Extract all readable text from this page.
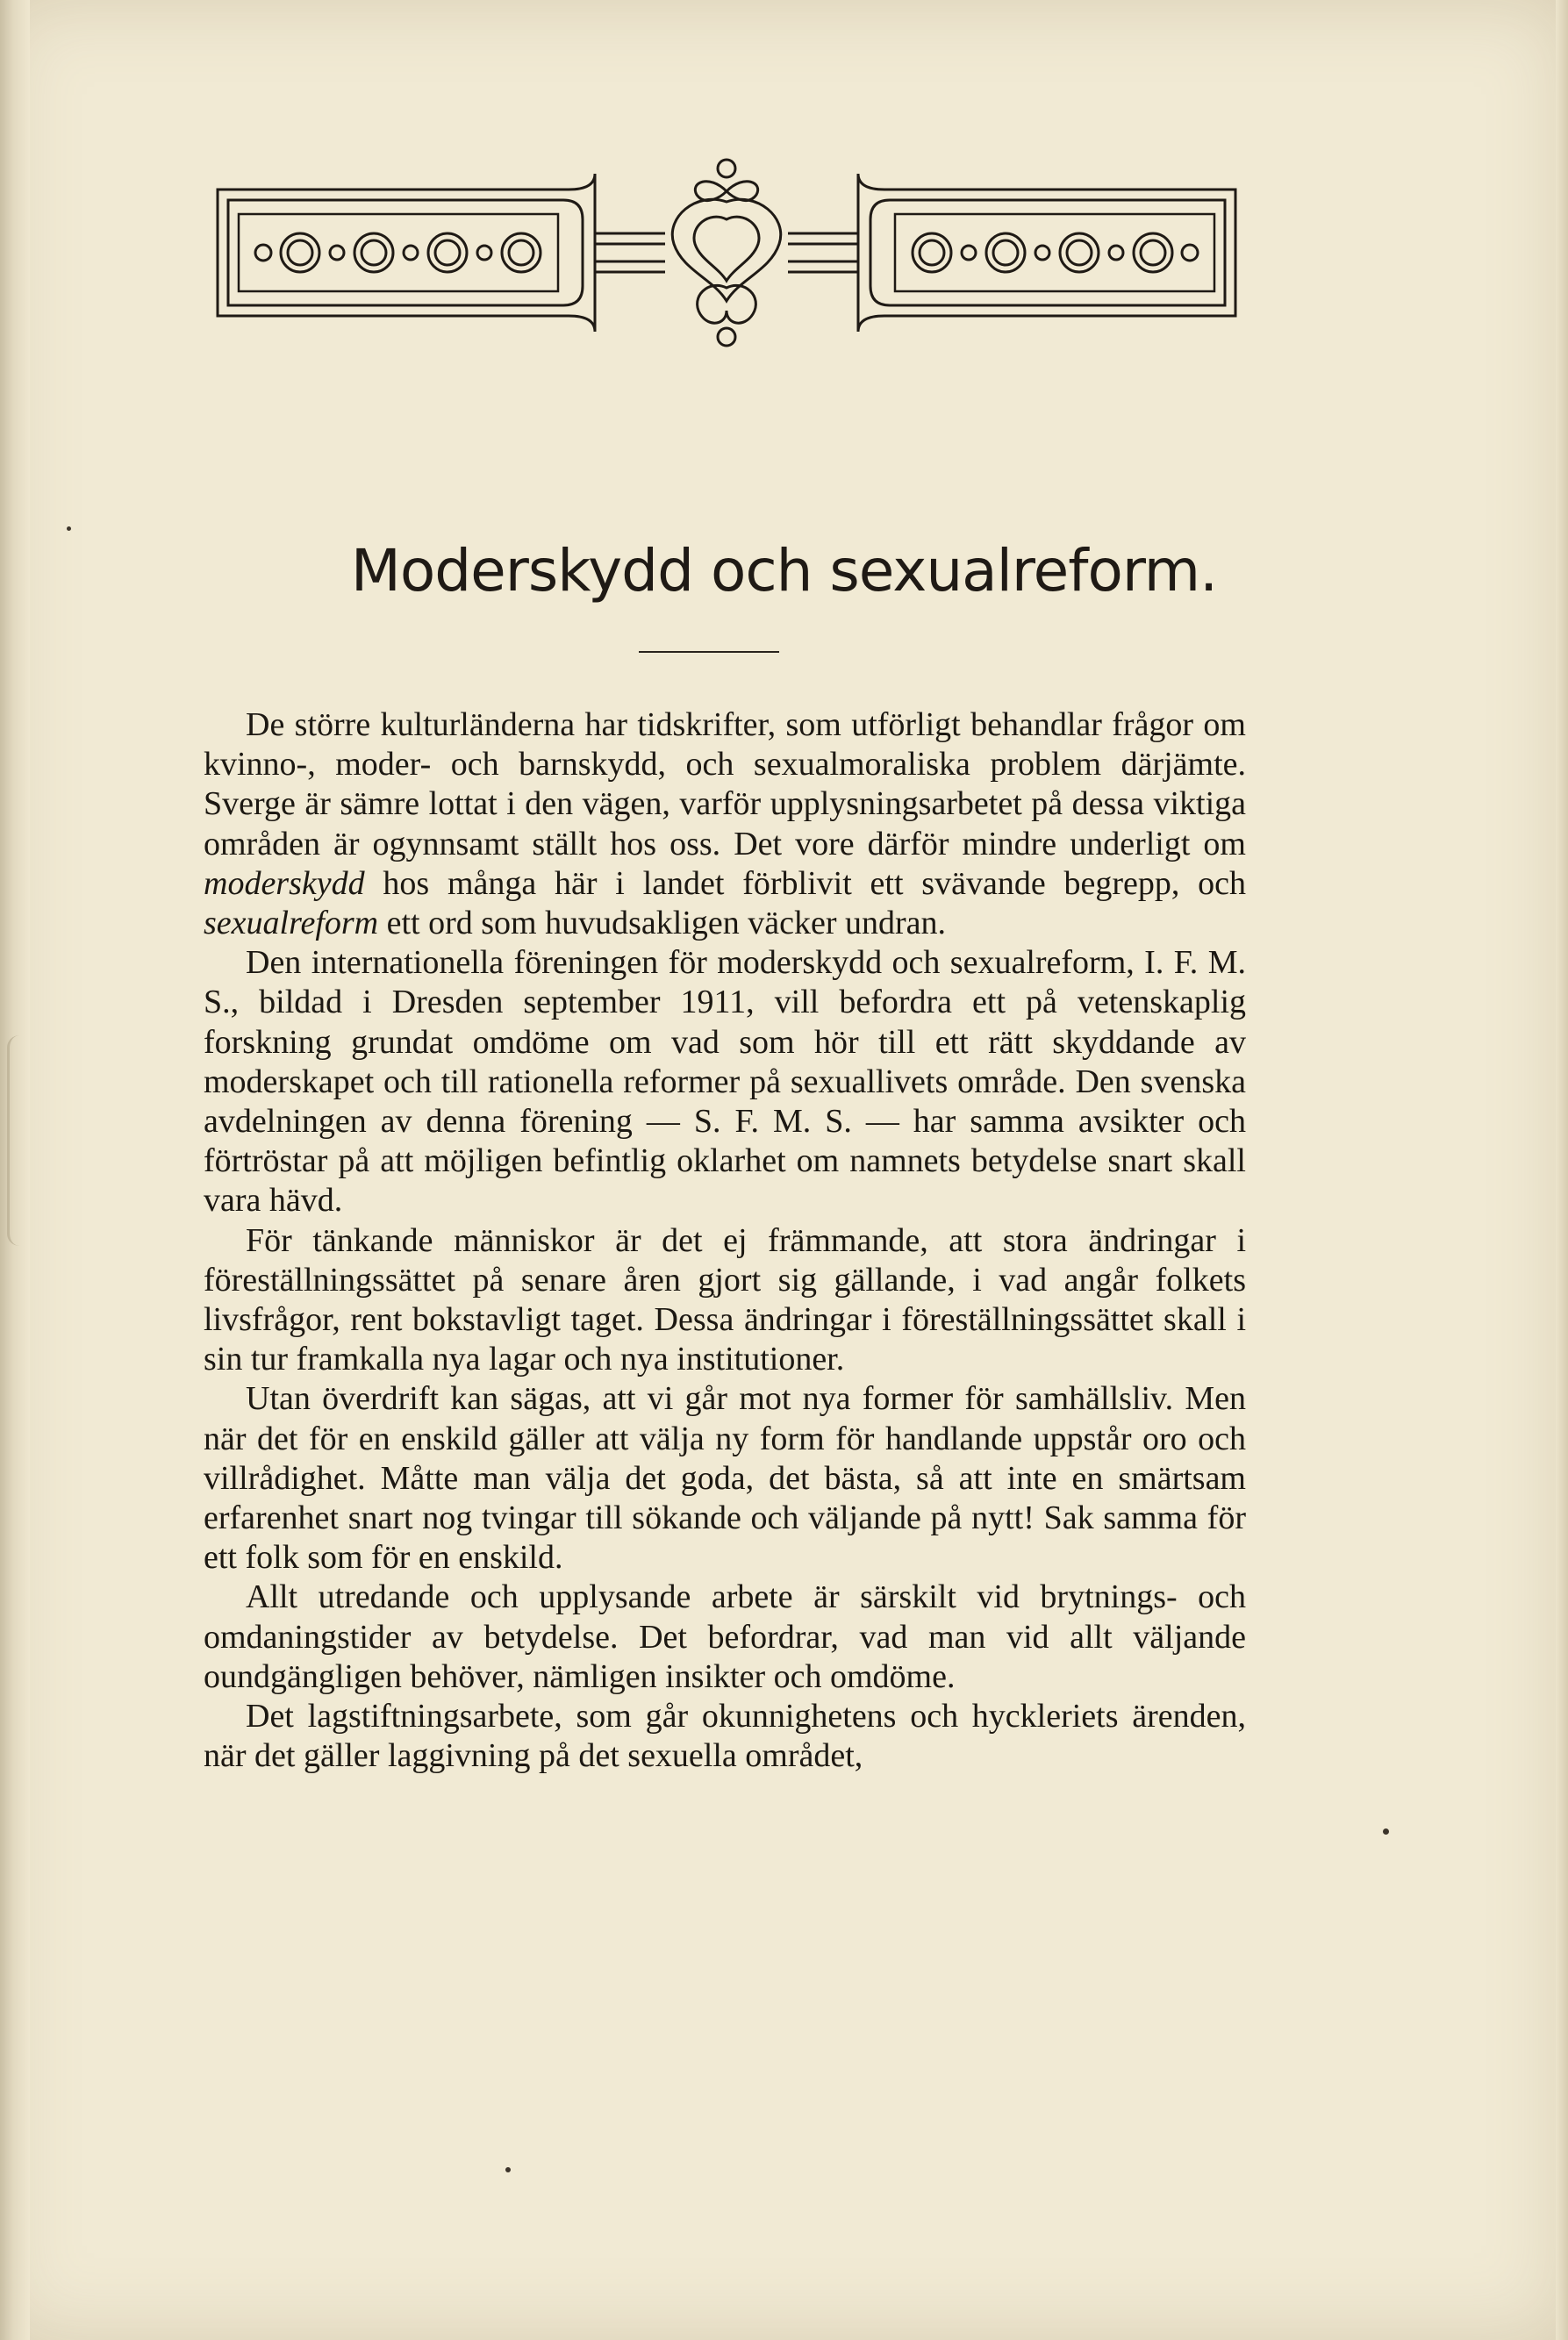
Moderskydd och sexualreform.

De större kulturländerna har tidskrifter, som utförligt behandlar frågor om kvinno-, moder- och barnskydd, och sexualmoraliska problem därjämte. Sverge är sämre lottat i den vägen, varför upplysningsarbetet på dessa viktiga områden är ogynnsamt ställt hos oss. Det vore därför mindre underligt om moderskydd hos många här i landet förblivit ett svävande begrepp, och sexualreform ett ord som huvudsakligen väcker undran.

Den internationella föreningen för moderskydd och sexualreform, I. F. M. S., bildad i Dresden september 1911, vill befordra ett på vetenskaplig forskning grundat omdöme om vad som hör till ett rätt skyddande av moderskapet och till rationella reformer på sexuallivets område. Den svenska avdelningen av denna förening — S. F. M. S. — har samma avsikter och förtröstar på att möjligen befintlig oklarhet om namnets betydelse snart skall vara hävd.

För tänkande människor är det ej främmande, att stora ändringar i föreställningssättet på senare åren gjort sig gällande, i vad angår folkets livsfrågor, rent bokstavligt taget. Dessa ändringar i föreställningssättet skall i sin tur framkalla nya lagar och nya institutioner.

Utan överdrift kan sägas, att vi går mot nya former för samhällsliv. Men när det för en enskild gäller att välja ny form för handlande uppstår oro och villrådighet. Måtte man välja det goda, det bästa, så att inte en smärtsam erfarenhet snart nog tvingar till sökande och väljande på nytt! Sak samma för ett folk som för en enskild.

Allt utredande och upplysande arbete är särskilt vid brytnings- och omdaningstider av betydelse. Det befordrar, vad man vid allt väljande oundgängligen behöver, nämligen insikter och omdöme.

Det lagstiftningsarbete, som går okunnighetens och hyckleriets ärenden, när det gäller laggivning på det sexuella området,
